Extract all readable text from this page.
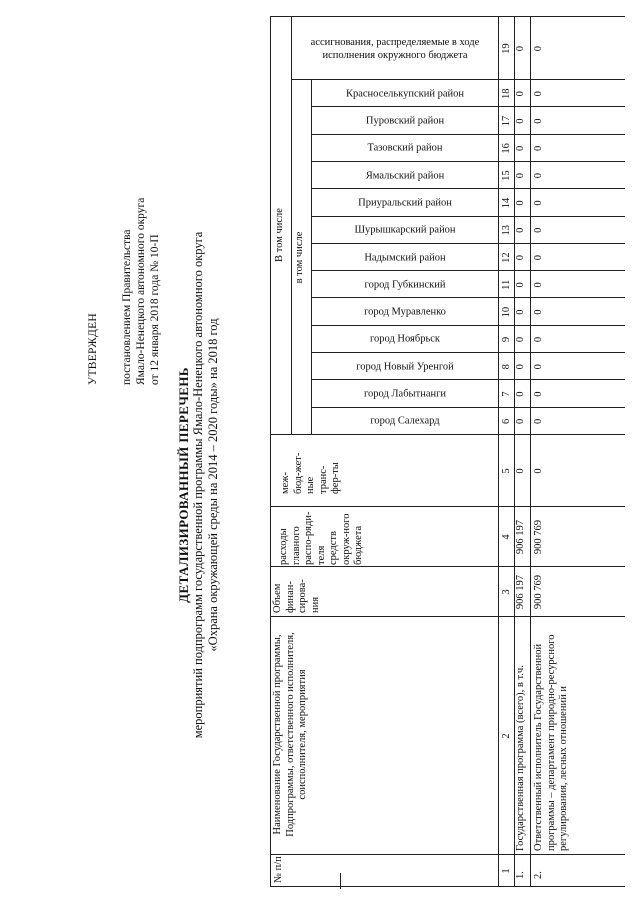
УТВЕРЖДЕН постановлением Правительства Ямало-Ненецкого автономного округа от 12 января 2018 года № 10-П
ДЕТАЛИЗИРОВАННЫЙ ПЕРЕЧЕНЬ мероприятий подпрограмм государственной программы Ямало-Ненецкого автономного округа «Охрана окружающей среды на 2014 – 2020 годы» на 2018 год
№ п/п
Наименование Государственной программы, Подпрограммы, ответственного исполнителя, соисполнителя, мероприятия
Объем финан-сирова-ния
расходы главного распо-ряди-теля средств окруж-ного бюджета
меж-бюд-жет-ные транс-фер-ты
В том числе в том числе
город Салехард
город Лабытнанги
город Новый Уренгой
город Ноябрьск
город Муравленко
город Губкинский
Надымский район
Шурышкарский район
Приуральский район
Ямальский район
Тазовский район
Пуровский район
Красноселькупский район
ассигнования, распределяемые в ходе исполнения окружного бюджета
1
2
3
4
5
6
7
8
9
10
11
12
13
14
15
16
17
18
19
1.
Государственная программа (всего), в т.ч.
906 197
906 197
0
0
0
0
0
0
0
0
0
0
0
0
0
0
0
2.
Ответственный исполнитель Государственной программы – департамент природно-ресурсного регулирования, лесных отношений и
900 769
900 769
0
0
0
0
0
0
0
0
0
0
0
0
0
0
0
